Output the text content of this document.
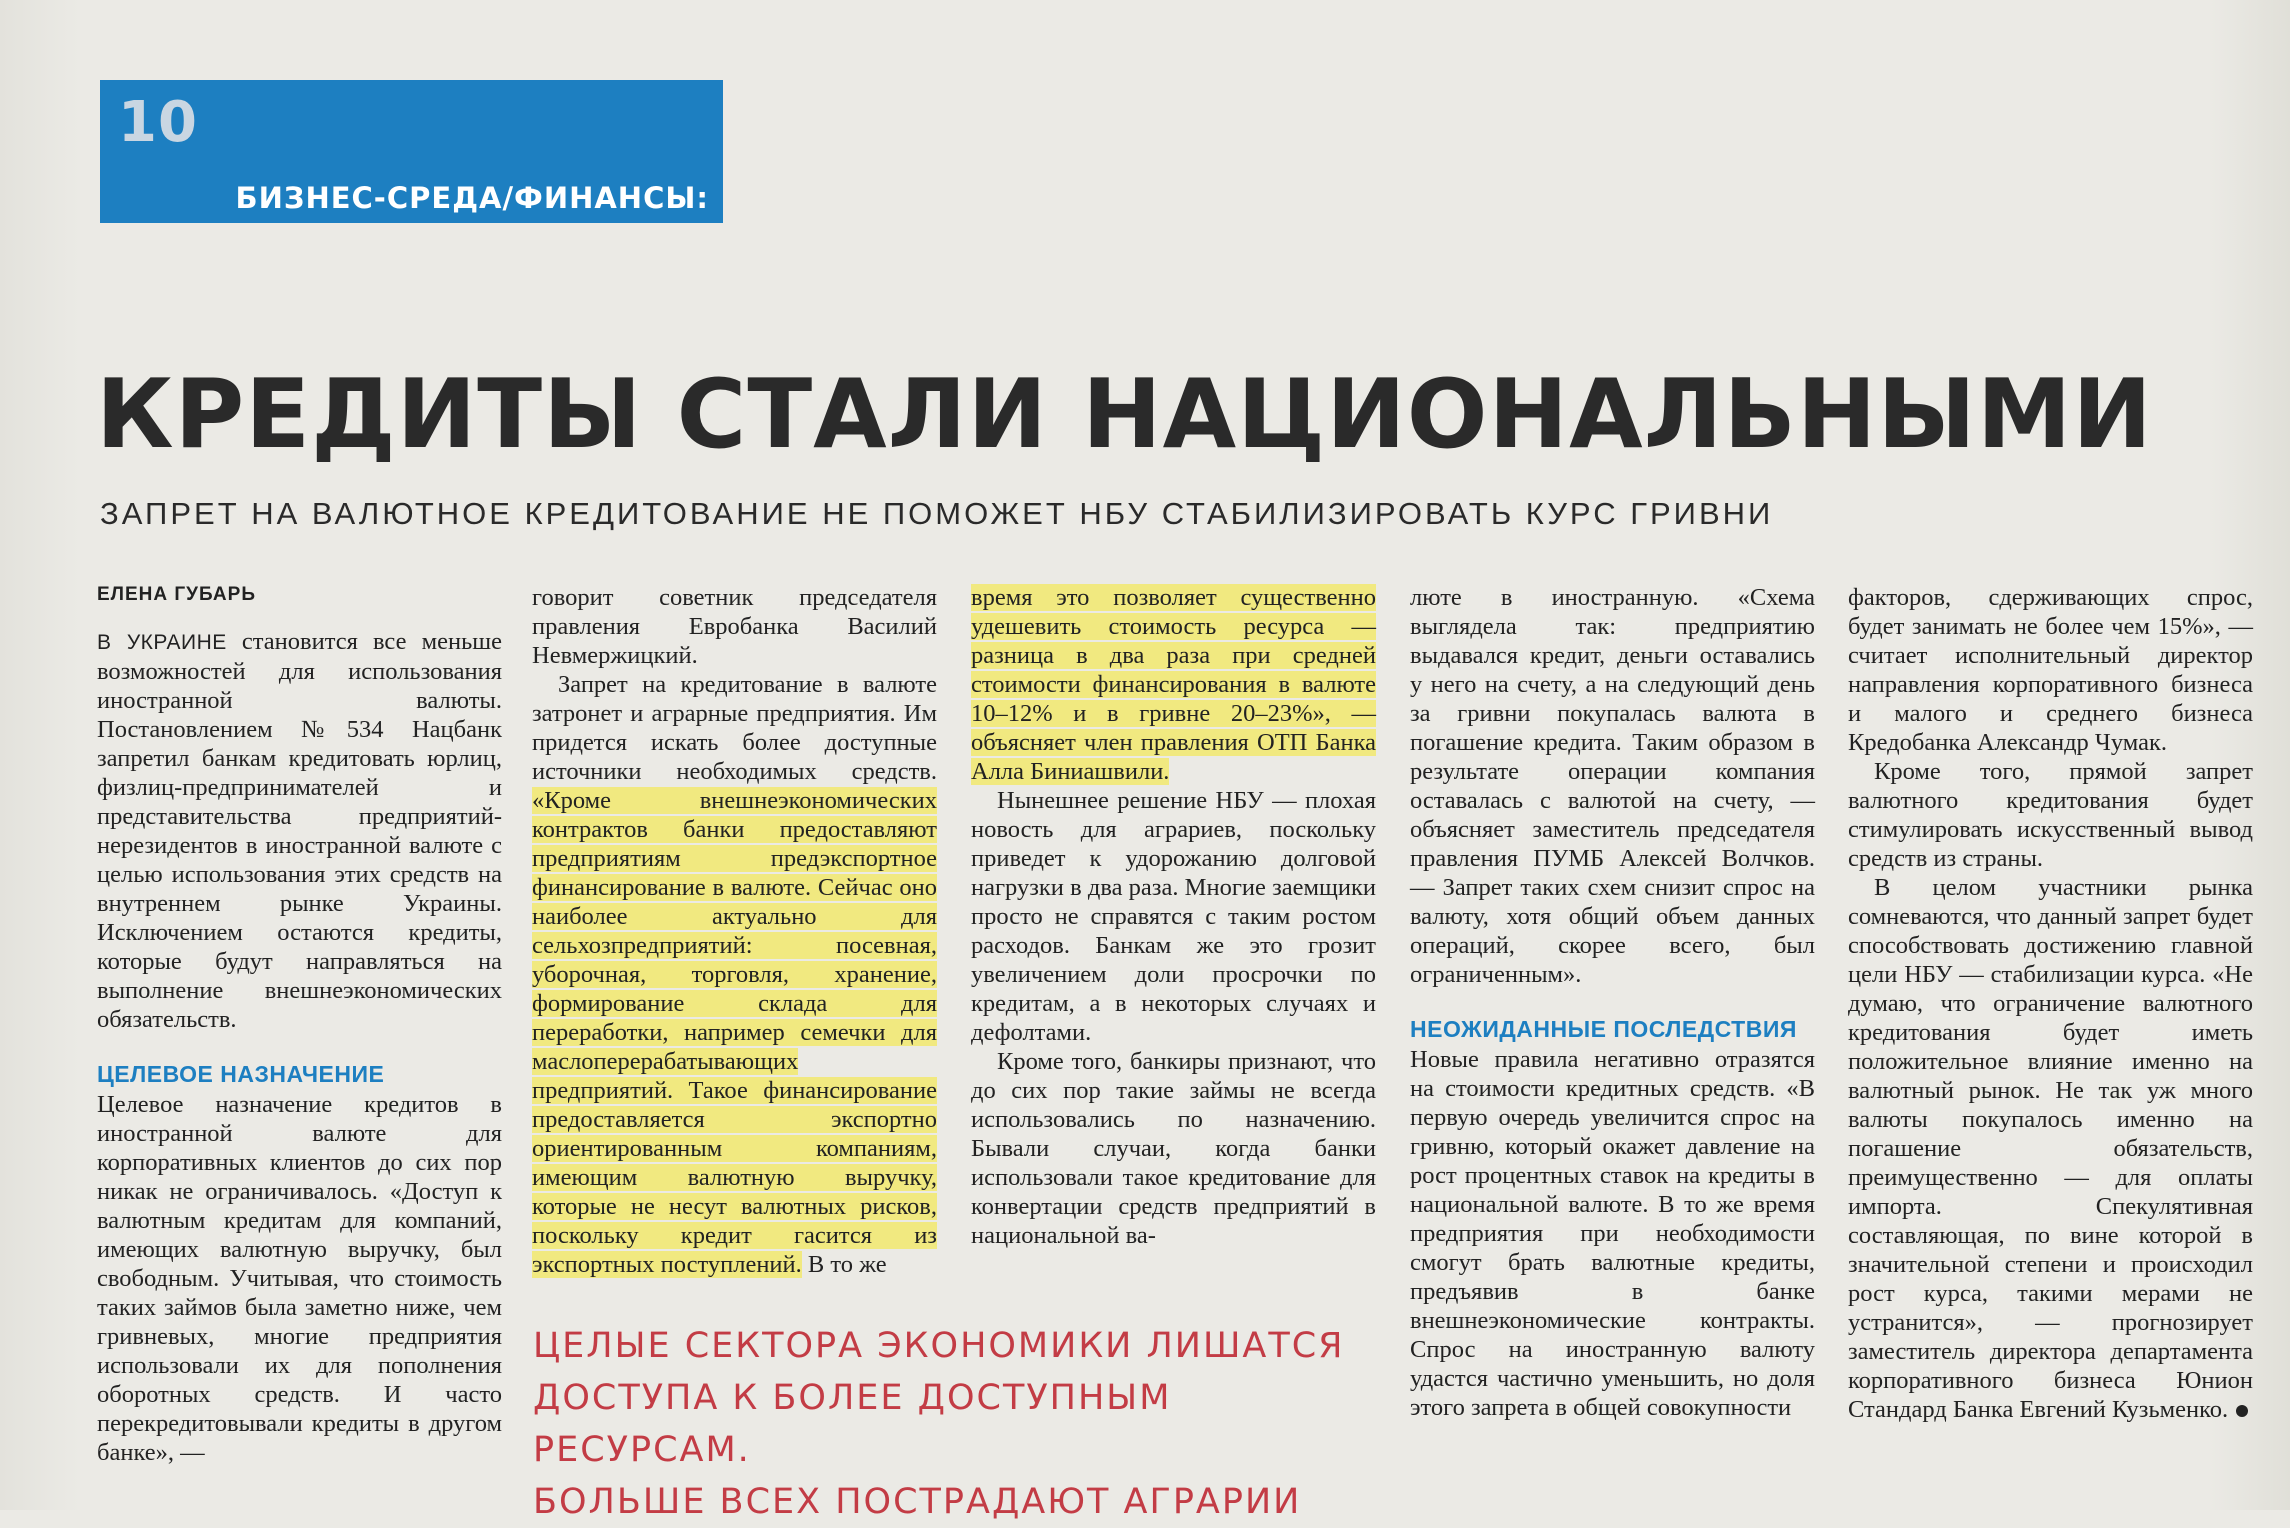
10
БИЗНЕС-СРЕДА/ФИНАНСЫ:
КРЕДИТЫ СТАЛИ НАЦИОНАЛЬНЫМИ
ЗАПРЕТ НА ВАЛЮТНОЕ КРЕДИТОВАНИЕ НЕ ПОМОЖЕТ НБУ СТАБИЛИЗИРОВАТЬ КУРС ГРИВНИ
ЕЛЕНА ГУБАРЬ

В УКРАИНЕ становится все меньше возможностей для использования иностранной валюты. Постановлением №534 Нацбанк запретил банкам кредитовать юрлиц, физлиц-предпринимателей и представительства предприятий-нерезидентов в иностранной валюте с целью использования этих средств на внутреннем рынке Украины. Исключением остаются кредиты, которые будут направляться на выполнение внешнеэкономических обязательств.

ЦЕЛЕВОЕ НАЗНАЧЕНИЕ

Целевое назначение кредитов в иностранной валюте для корпоративных клиентов до сих пор никак не ограничивалось. «Доступ к валютным кредитам для компаний, имеющих валютную выручку, был свободным. Учитывая, что стоимость таких займов была заметно ниже, чем гривневых, многие предприятия использовали их для пополнения оборотных средств. И часто перекредитовывали кредиты в другом банке», —

говорит советник председателя правления Евробанка Василий Невмержицкий.

Запрет на кредитование в валюте затронет и аграрные предприятия. Им придется искать более доступные источники необходимых средств. «Кроме внешнеэкономических контрактов банки предоставляют предприятиям предэкспортное финансирование в валюте. Сейчас оно наиболее актуально для сельхозпредприятий: посевная, уборочная, торговля, хранение, формирование склада для переработки, например семечки для маслоперерабатывающих предприятий. Такое финансирование предоставляется экспортно ориентированным компаниям, имеющим валютную выручку, которые не несут валютных рисков, поскольку кредит гасится из экспортных поступлений. В то же

время это позволяет существенно удешевить стоимость ресурса — разница в два раза при средней стоимости финансирования в валюте 10–12% и в гривне 20–23%», — объясняет член правления ОТП Банка Алла Биниашвили.

Нынешнее решение НБУ — плохая новость для аграриев, поскольку приведет к удорожанию долговой нагрузки в два раза. Многие заемщики просто не справятся с таким ростом расходов. Банкам же это грозит увеличением доли просрочки по кредитам, а в некоторых случаях и дефолтами.

Кроме того, банкиры признают, что до сих пор такие займы не всегда использовались по назначению. Бывали случаи, когда банки использовали такое кредитование для конвертации средств предприятий в национальной ва-

люте в иностранную. «Схема выглядела так: предприятию выдавался кредит, деньги оставались у него на счету, а на следующий день за гривни покупалась валюта в погашение кредита. Таким образом в результате операции компания оставалась с валютой на счету, — объясняет заместитель председателя правления ПУМБ Алексей Волчков. — Запрет таких схем снизит спрос на валюту, хотя общий объем данных операций, скорее всего, был ограниченным».

НЕОЖИДАННЫЕ ПОСЛЕДСТВИЯ

Новые правила негативно отразятся на стоимости кредитных средств. «В первую очередь увеличится спрос на гривню, который окажет давление на рост процентных ставок на кредиты в национальной валюте. В то же время предприятия при необходимости смогут брать валютные кредиты, предъявив в банке внешнеэкономические контракты. Спрос на иностранную валюту удастся частично уменьшить, но доля этого запрета в общей совокупности

факторов, сдерживающих спрос, будет занимать не более чем 15%», — считает исполнительный директор направления корпоративного бизнеса и малого и среднего бизнеса Кредобанка Александр Чумак.

Кроме того, прямой запрет валютного кредитования будет стимулировать искусственный вывод средств из страны.

В целом участники рынка сомневаются, что данный запрет будет способствовать достижению главной цели НБУ — стабилизации курса. «Не думаю, что ограничение валютного кредитования будет иметь положительное влияние именно на валютный рынок. Не так уж много валюты покупалось именно на погашение обязательств, преимущественно — для оплаты импорта. Спекулятивная составляющая, по вине которой в значительной степени и происходил рост курса, такими мерами не устранится», — прогнозирует заместитель директора департамента корпоративного бизнеса Юнион Стандард Банка Евгений Кузьменко.

ЦЕЛЫЕ СЕКТОРА ЭКОНОМИКИ ЛИШАТСЯ
ДОСТУПА К БОЛЕЕ ДОСТУПНЫМ РЕСУРСАМ.
БОЛЬШЕ ВСЕХ ПОСТРАДАЮТ АГРАРИИ
